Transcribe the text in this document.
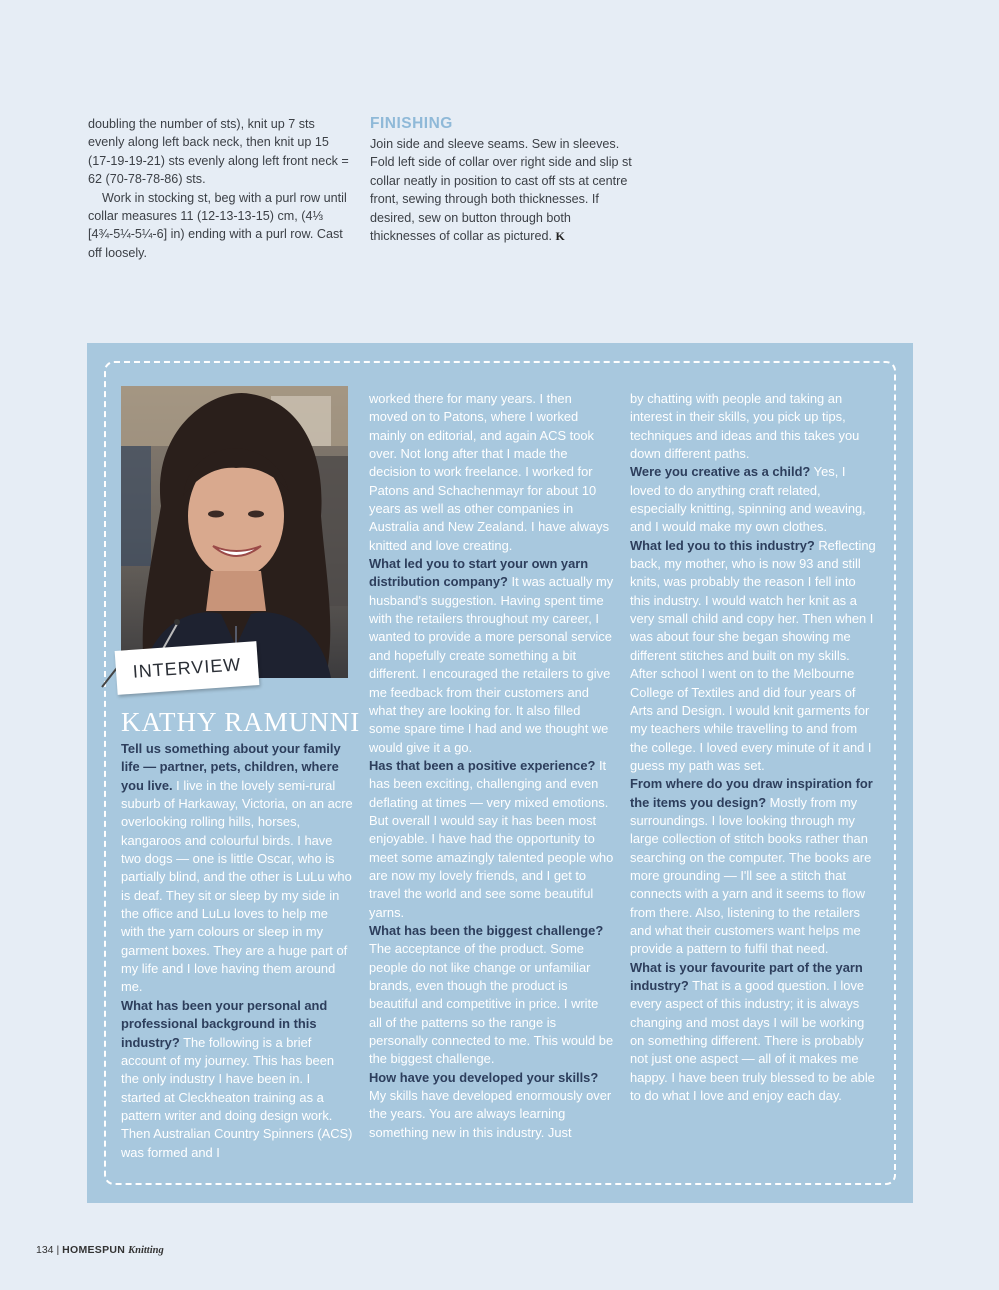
doubling the number of sts), knit up 7 sts evenly along left back neck, then knit up 15 (17-19-19-21) sts evenly along left front neck = 62 (70-78-78-86) sts.

Work in stocking st, beg with a purl row until collar measures 11 (12-13-13-15) cm, (4⅓ [4¾-5¼-5¼-6] in) ending with a purl row. Cast off loosely.

FINISHING

Join side and sleeve seams. Sew in sleeves. Fold left side of collar over right side and slip st collar neatly in position to cast off sts at centre front, sewing through both thicknesses. If desired, sew on button through both thicknesses of collar as pictured. K

INTERVIEW
KATHY RAMUNNI

Tell us something about your family life — partner, pets, children, where you live. I live in the lovely semi-rural suburb of Harkaway, Victoria, on an acre overlooking rolling hills, horses, kangaroos and colourful birds. I have two dogs — one is little Oscar, who is partially blind, and the other is LuLu who is deaf. They sit or sleep by my side in the office and LuLu loves to help me with the yarn colours or sleep in my garment boxes. They are a huge part of my life and I love having them around me.

What has been your personal and professional background in this industry? The following is a brief account of my journey. This has been the only industry I have been in. I started at Cleckheaton training as a pattern writer and doing design work. Then Australian Country Spinners (ACS) was formed and I

worked there for many years. I then moved on to Patons, where I worked mainly on editorial, and again ACS took over. Not long after that I made the decision to work freelance. I worked for Patons and Schachenmayr for about 10 years as well as other companies in Australia and New Zealand. I have always knitted and love creating.

What led you to start your own yarn distribution company? It was actually my husband's suggestion. Having spent time with the retailers throughout my career, I wanted to provide a more personal service and hopefully create something a bit different. I encouraged the retailers to give me feedback from their customers and what they are looking for. It also filled some spare time I had and we thought we would give it a go.

Has that been a positive experience? It has been exciting, challenging and even deflating at times — very mixed emotions. But overall I would say it has been most enjoyable. I have had the opportunity to meet some amazingly talented people who are now my lovely friends, and I get to travel the world and see some beautiful yarns.

What has been the biggest challenge? The acceptance of the product. Some people do not like change or unfamiliar brands, even though the product is beautiful and competitive in price. I write all of the patterns so the range is personally connected to me. This would be the biggest challenge.

How have you developed your skills? My skills have developed enormously over the years. You are always learning something new in this industry. Just

by chatting with people and taking an interest in their skills, you pick up tips, techniques and ideas and this takes you down different paths.

Were you creative as a child? Yes, I loved to do anything craft related, especially knitting, spinning and weaving, and I would make my own clothes.

What led you to this industry? Reflecting back, my mother, who is now 93 and still knits, was probably the reason I fell into this industry. I would watch her knit as a very small child and copy her. Then when I was about four she began showing me different stitches and built on my skills. After school I went on to the Melbourne College of Textiles and did four years of Arts and Design. I would knit garments for my teachers while travelling to and from the college. I loved every minute of it and I guess my path was set.

From where do you draw inspiration for the items you design? Mostly from my surroundings. I love looking through my large collection of stitch books rather than searching on the computer. The books are more grounding — I'll see a stitch that connects with a yarn and it seems to flow from there. Also, listening to the retailers and what their customers want helps me provide a pattern to fulfil that need.

What is your favourite part of the yarn industry? That is a good question. I love every aspect of this industry; it is always changing and most days I will be working on something different. There is probably not just one aspect — all of it makes me happy. I have been truly blessed to be able to do what I love and enjoy each day.

134 | HOMESPUN Knitting
